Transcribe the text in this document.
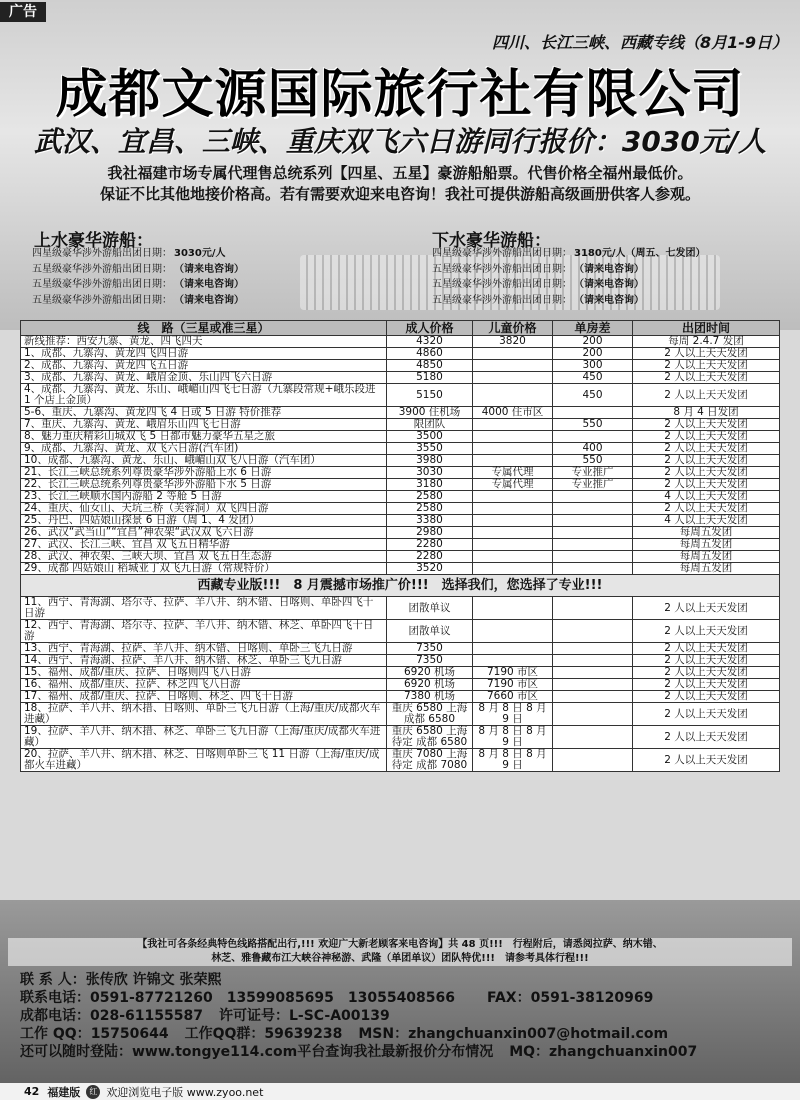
广告
四川、长江三峡、西藏专线（8月1-9日）
成都文源国际旅行社有限公司
武汉、宜昌、三峡、重庆双飞六日游同行报价：3030元/人
我社福建市场专属代理售总统系列【四星、五星】豪游船船票。代售价格全福州最低价。
保证不比其他地接价格高。若有需要欢迎来电咨询！我社可提供游船高级画册供客人参观。
上水豪华游船：
四星级豪华涉外游船出团日期： 3030元/人
五星级豪华涉外游船出团日期： （请来电咨询）
五星级豪华涉外游船出团日期： （请来电咨询）
五星级豪华涉外游船出团日期： （请来电咨询）
下水豪华游船：
四星级豪华涉外游船出团日期： 3180元/人（周五、七发团）
五星级豪华涉外游船出团日期： （请来电咨询）
五星级豪华涉外游船出团日期： （请来电咨询）
五星级豪华涉外游船出团日期： （请来电咨询）
线　路（三星或准三星）	成人价格	儿童价格	单房差	出团时间
新线推荐：西安九寨、黄龙、四飞四天	4320	3820	200	每周 2.4.7 发团
1、成都、九寨沟、黄龙四飞四日游	4860		200	2 人以上天天发团
2、成都、九寨沟、黄龙四飞五日游	4850		300	2 人以上天天发团
3、成都、九寨沟、黄龙、峨眉金顶、乐山四飞六日游	5180		450	2 人以上天天发团
4、成都、九寨沟、黄龙、乐山、峨嵋山四飞七日游（九寨段常规+峨乐段进 1 个店上金顶）	5150		450	2 人以上天天发团
5-6、重庆、九寨沟、黄龙四飞 4 日或 5 日游 特价推荐	3900 住机场	4000 住市区		8 月 4 日发团
7、重庆、九寨沟、黄龙、峨眉乐山四飞七日游	限团队		550	2 人以上天天发团
8、魅力重庆精彩山城双飞 5 日都市魅力豪华五星之旅	3500			2 人以上天天发团
9、成都、九寨沟、黄龙、双飞六日游(汽车团)	3550		400	2 人以上天天发团
10、成都、九寨沟、黄龙、乐山、峨嵋山双飞八日游（汽车团）	3980		550	2 人以上天天发团
21、长江三峡总统系列尊贵豪华涉外游船上水 6 日游	3030	专属代理	专业推广	2 人以上天天发团
22、长江三峡总统系列尊贵豪华涉外游船下水 5 日游	3180	专属代理	专业推广	2 人以上天天发团
23、长江三峡顺水国内游船 2 等舱 5 日游	2580			4 人以上天天发团
24、重庆、仙女山、天坑三桥（芙蓉洞）双飞四日游	2580			2 人以上天天发团
25、丹巴、四姑娘山探景 6 日游（周 1、4 发团）	3380			4 人以上天天发团
26、武汉“武当山”“宜昌”神农架“武汉双飞六日游	2980			每周五发团
27、武汉、长江三峡、宜昌 双飞五日精华游	2280			每周五发团
28、武汉、神农架、三峡大坝、宜昌 双飞五日生态游	2280			每周五发团
29、成都 四姑娘山 稻城亚丁双飞九日游（常规特价）	3520			每周五发团
西藏专业版!!!　8 月震撼市场推广价!!!　选择我们，您选择了专业!!!				
11、西宁、青海湖、塔尔寺、拉萨、羊八井、纳木错、日喀则、单卧四飞十日游	团散单议			2 人以上天天发团
12、西宁、青海湖、塔尔寺、拉萨、羊八井、纳木错、林芝、单卧四飞十日游	团散单议			2 人以上天天发团
13、西宁、青海湖、拉萨、羊八井、纳木错、日喀则、单卧三飞九日游	7350			2 人以上天天发团
14、西宁、青海湖、拉萨、羊八井、纳木错、林芝、单卧三飞九日游	7350			2 人以上天天发团
15、福州、成都/重庆、拉萨、日喀则四飞八日游	6920 机场	7190 市区		2 人以上天天发团
16、福州、成都/重庆、拉萨、林芝四飞八日游	6920 机场	7190 市区		2 人以上天天发团
17、福州、成都/重庆、拉萨、日喀则、林芝、四飞十日游	7380 机场	7660 市区		2 人以上天天发团
18、拉萨、羊八井、纳木措、日喀则、单卧三飞九日游（上海/重庆/成都火车进藏）	重庆 6580 上海 成都 6580	8 月 8 日 8 月 9 日		2 人以上天天发团
19、拉萨、羊八井、纳木措、林芝、单卧三飞九日游（上海/重庆/成都火车进藏）	重庆 6580 上海待定 成都 6580	8 月 8 日 8 月 9 日		2 人以上天天发团
20、拉萨、羊八井、纳木措、林芝、日喀则单卧三飞 11 日游（上海/重庆/成都火车进藏）	重庆 7080 上海待定 成都 7080	8 月 8 日 8 月 9 日		2 人以上天天发团
【我社可各条经典特色线路搭配出行,!!! 欢迎广大新老顾客来电咨询】共 48 页!!!　行程附后，请悉阅拉萨、纳木错、
林芝、雅鲁藏布江大峡谷神秘游、武隆（单团单议）团队特优!!!　请参考具体行程!!!
联 系 人： 张传欣 许锦文 张荣熙
联系电话： 0591-87721260　13599085695　13055408566 FAX：0591-38120969
成都电话： 028-61155587 许可证号：L-SC-A00139
工作 QQ： 15750644 工作QQ群：59639238 MSN：zhangchuanxin007@hotmail.com
还可以随时登陆：www.tongye114.com平台查询我社最新报价分布情况 MQ：zhangchuanxin007
42 福建版	红 欢迎浏览电子版 www.zyoo.net
